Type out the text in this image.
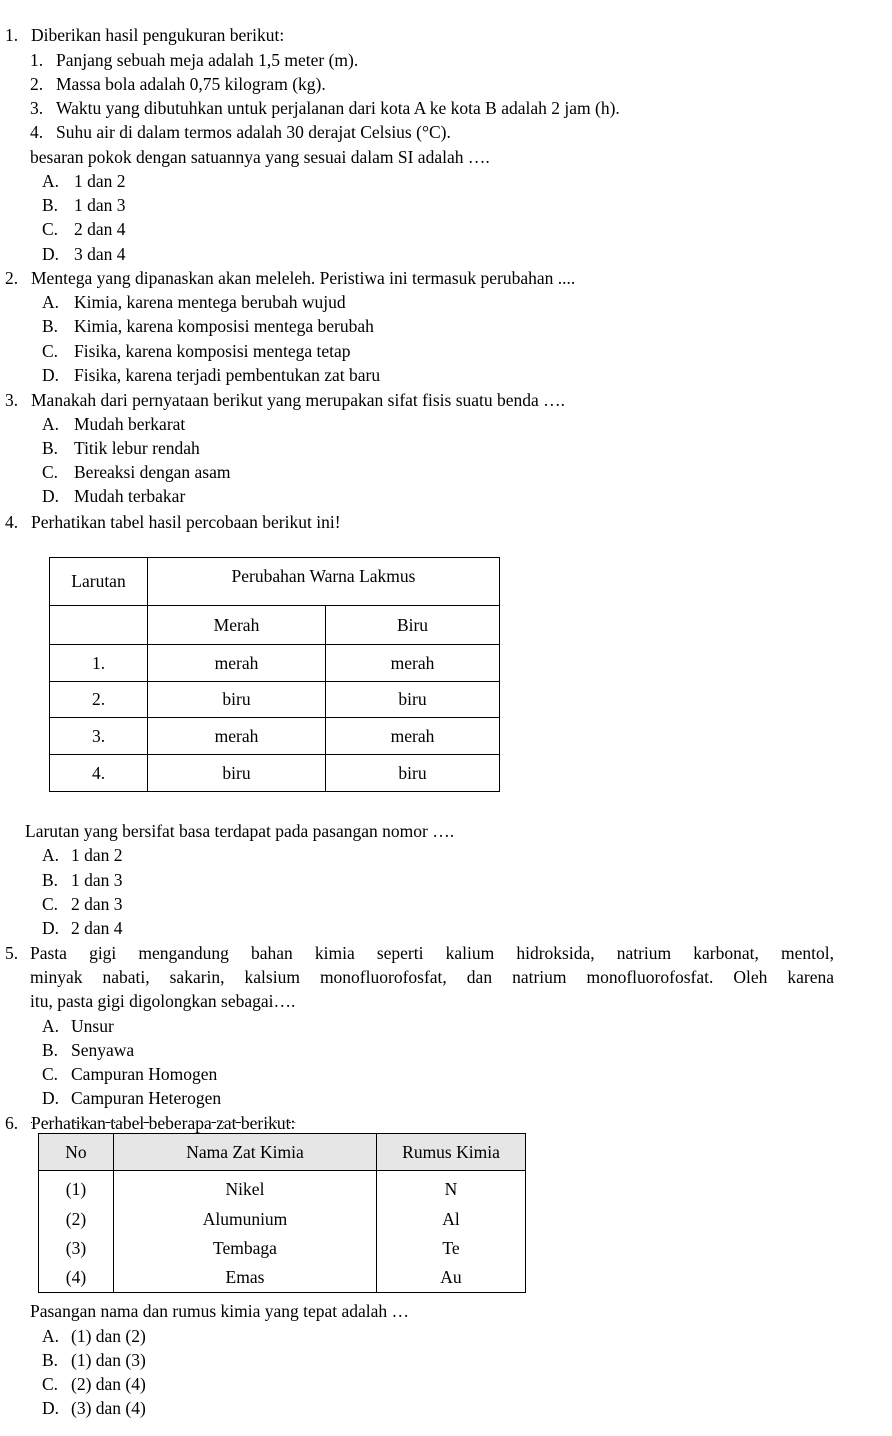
1. Diberikan hasil pengukuran berikut:
1. Panjang sebuah meja adalah 1,5 meter (m).
2. Massa bola adalah 0,75 kilogram (kg).
3. Waktu yang dibutuhkan untuk perjalanan dari kota A ke kota B adalah 2 jam (h).
4. Suhu air di dalam termos adalah 30 derajat Celsius (°C).
besaran pokok dengan satuannya yang sesuai dalam SI adalah ….
A. 1 dan 2
B. 1 dan 3
C. 2 dan 4
D. 3 dan 4
2. Mentega yang dipanaskan akan meleleh. Peristiwa ini termasuk perubahan ....
A. Kimia, karena mentega berubah wujud
B. Kimia, karena komposisi mentega berubah
C. Fisika, karena komposisi mentega tetap
D. Fisika, karena terjadi pembentukan zat baru
3. Manakah dari pernyataan berikut yang merupakan sifat fisis suatu benda ….
A. Mudah berkarat
B. Titik lebur rendah
C. Bereaksi dengan asam
D. Mudah terbakar
4. Perhatikan tabel hasil percobaan berikut ini!
Larutan	Perubahan Warna Lakmus	
	Merah	Biru
1.	merah	merah
2.	biru	biru
3.	merah	merah
4.	biru	biru
Larutan yang bersifat basa terdapat pada pasangan nomor ….
A. 1 dan 2
B. 1 dan 3
C. 2 dan 3
D. 2 dan 4
5. Pasta gigi mengandung bahan kimia seperti kalium hidroksida, natrium karbonat, mentol,
minyak nabati, sakarin, kalsium monofluorofosfat, dan natrium monofluorofosfat. Oleh karena
itu, pasta gigi digolongkan sebagai….
A. Unsur
B. Senyawa
C. Campuran Homogen
D. Campuran Heterogen
6. Perhatikan tabel beberapa zat berikut:
No	Nama Zat Kimia	Rumus Kimia
(1)	Nikel	N
(2)	Alumunium	Al
(3)	Tembaga	Te
(4)	Emas	Au
Pasangan nama dan rumus kimia yang tepat adalah …
A. (1) dan (2)
B. (1) dan (3)
C. (2) dan (4)
D. (3) dan (4)
